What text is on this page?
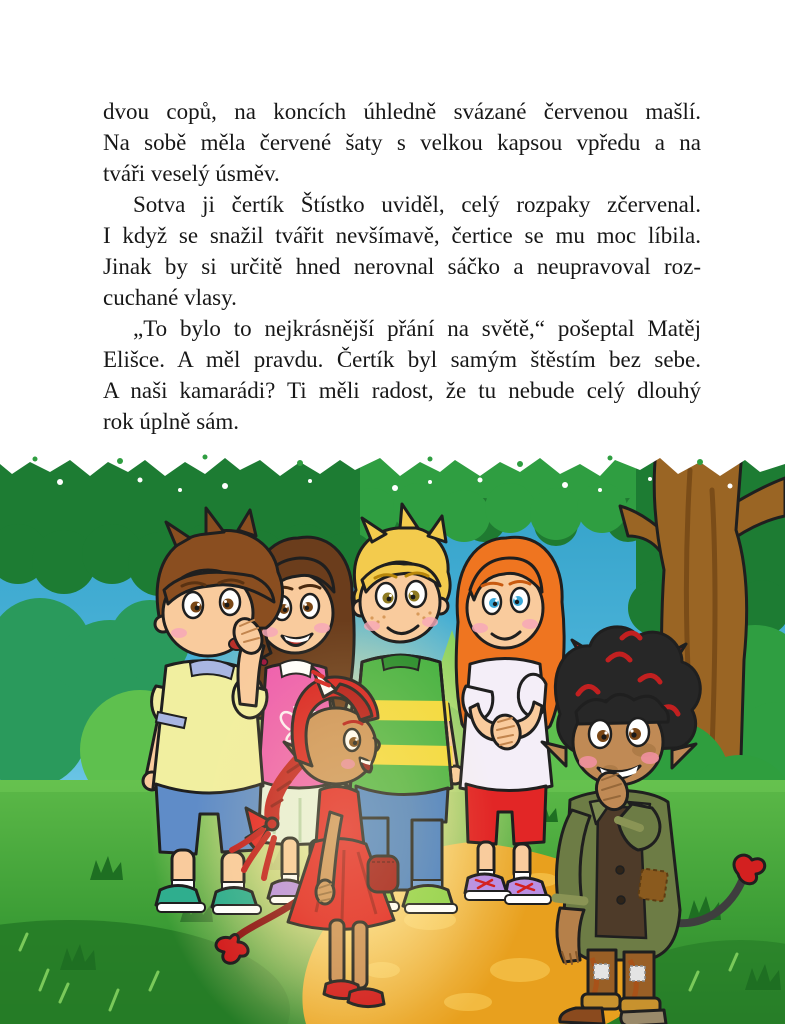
dvou copů, na koncích úhledně svázané červenou mašlí.
Na sobě měla červené šaty s velkou kapsou vpředu a na
tváři veselý úsměv.
Sotva ji čertík Štístko uviděl, celý rozpaky zčervenal.
I když se snažil tvářit nevšímavě, čertice se mu moc líbila.
Jinak by si určitě hned nerovnal sáčko a neupravoval roz-
cuchané vlasy.
„To bylo to nejkrásnější přání na světě,“ pošeptal Matěj
Elišce. A měl pravdu. Čertík byl samým štěstím bez sebe.
A naši kamarádi? Ti měli radost, že tu nebude celý dlouhý
rok úplně sám.
